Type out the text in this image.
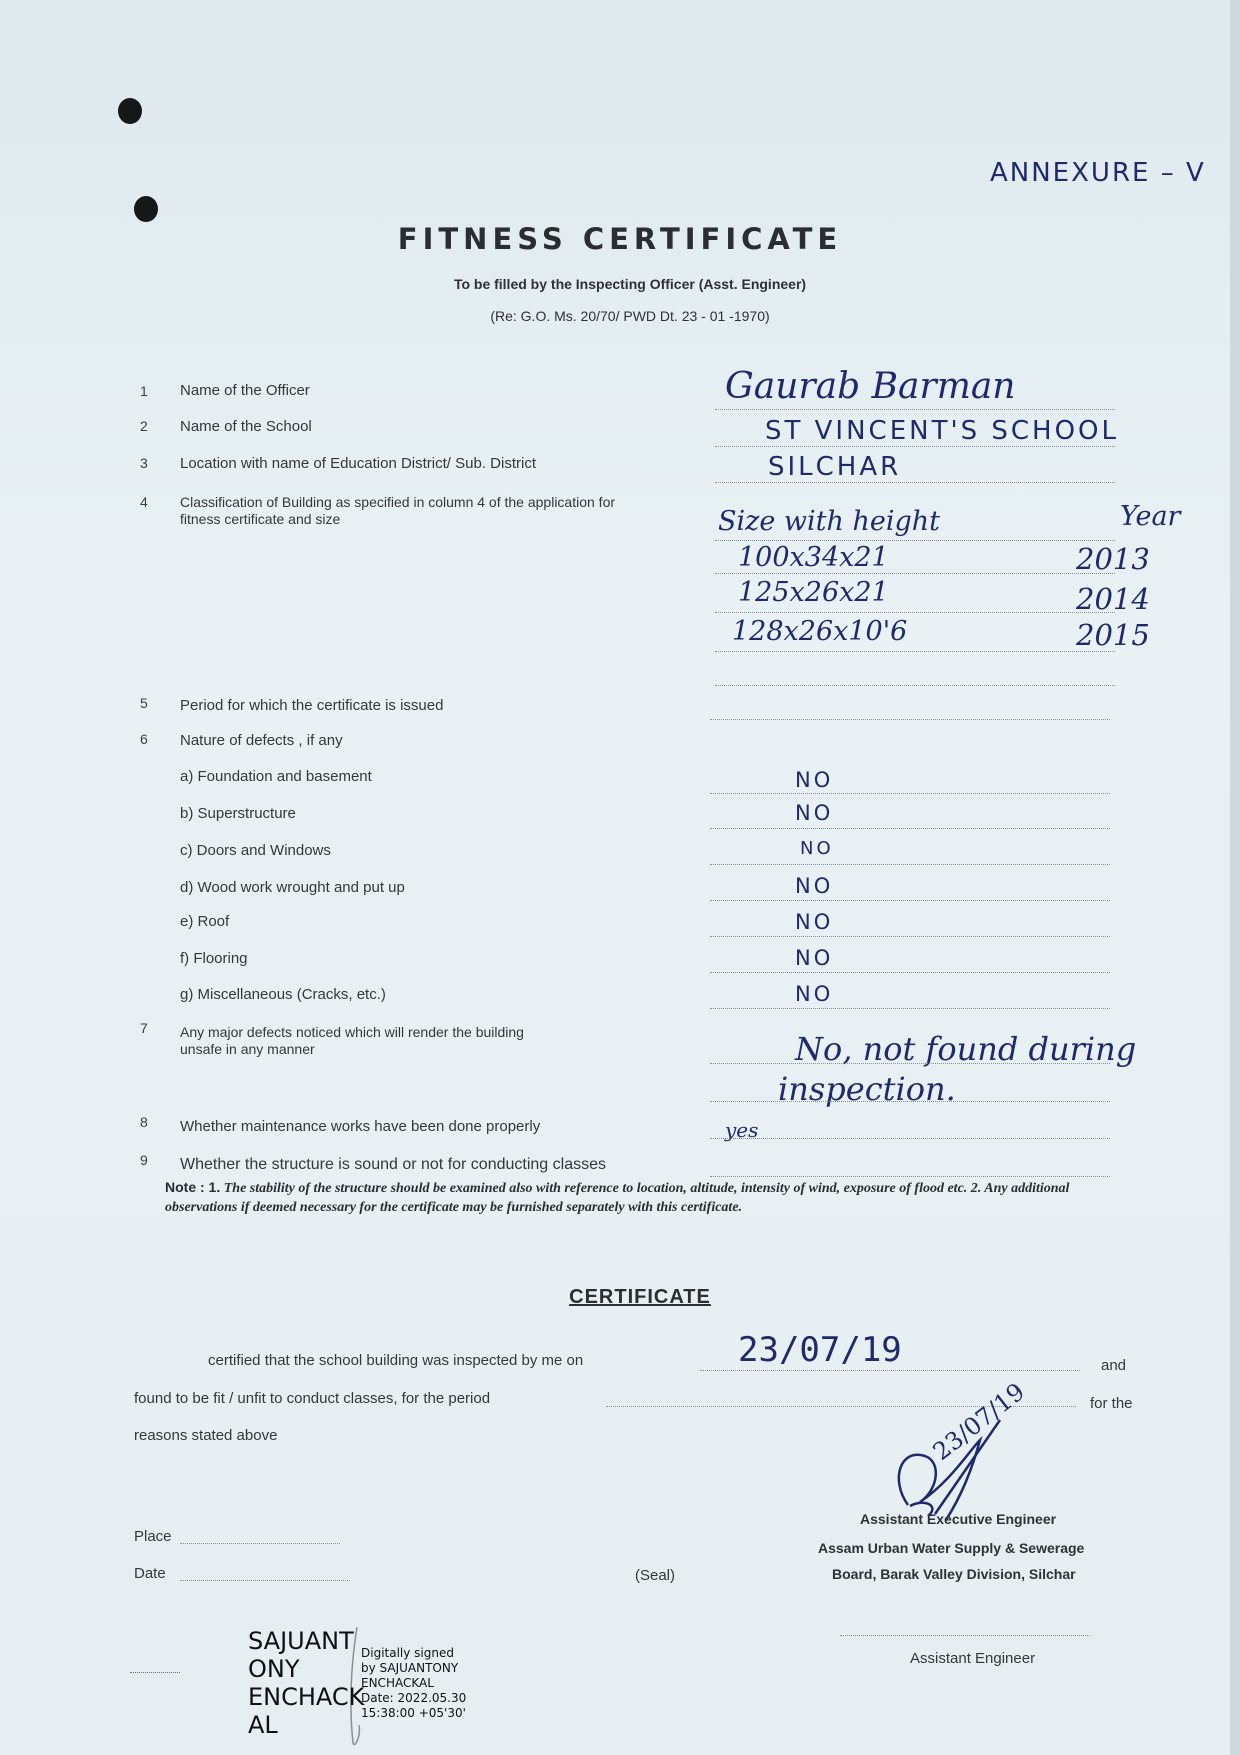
ANNEXURE – V
FITNESS CERTIFICATE
To be filled by the Inspecting Officer (Asst. Engineer)
(Re: G.O. Ms. 20/70/ PWD Dt. 23 - 01 -1970)
1 Name of the Officer	Gaurab Barman
2 Name of the School	ST VINCENT'S SCHOOL
3 Location with name of Education District/ Sub. District	SILCHAR
4 Classification of Building as specified in column 4 of the application for fitness certificate and size	Size with height	Year
100x34x21	2013
125x26x21	2014
128x26x10'6	2015
5 Period for which the certificate is issued
6 Nature of defects , if any
a) Foundation and basement	NO
b) Superstructure	NO
c) Doors and Windows	NO
d) Wood work wrought and put up	NO
e) Roof	NO
f) Flooring	NO
g) Miscellaneous (Cracks, etc.)	NO
7 Any major defects noticed which will render the building unsafe in any manner	No, not found during
inspection.
8 Whether maintenance works have been done properly	yes
9 Whether the structure is sound or not for conducting classes
Note : 1. The stability of the structure should be examined also with reference to location, altitude, intensity of wind, exposure of flood etc. 2. Any additional observations if deemed necessary for the certificate may be furnished separately with this certificate.
CERTIFICATE
certified that the school building was inspected by me on	23/07/19	and
found to be fit / unfit to conduct classes, for the period	for the
reasons stated above	23/07/19
Place
Date	(Seal)
Assistant Executive Engineer
Assam Urban Water Supply & Sewerage
Board, Barak Valley Division, Silchar
Assistant Engineer
SAJUANT
ONY
ENCHACK
AL
Digitally signed
by SAJUANTONY
ENCHACKAL
Date: 2022.05.30
15:38:00 +05'30'
